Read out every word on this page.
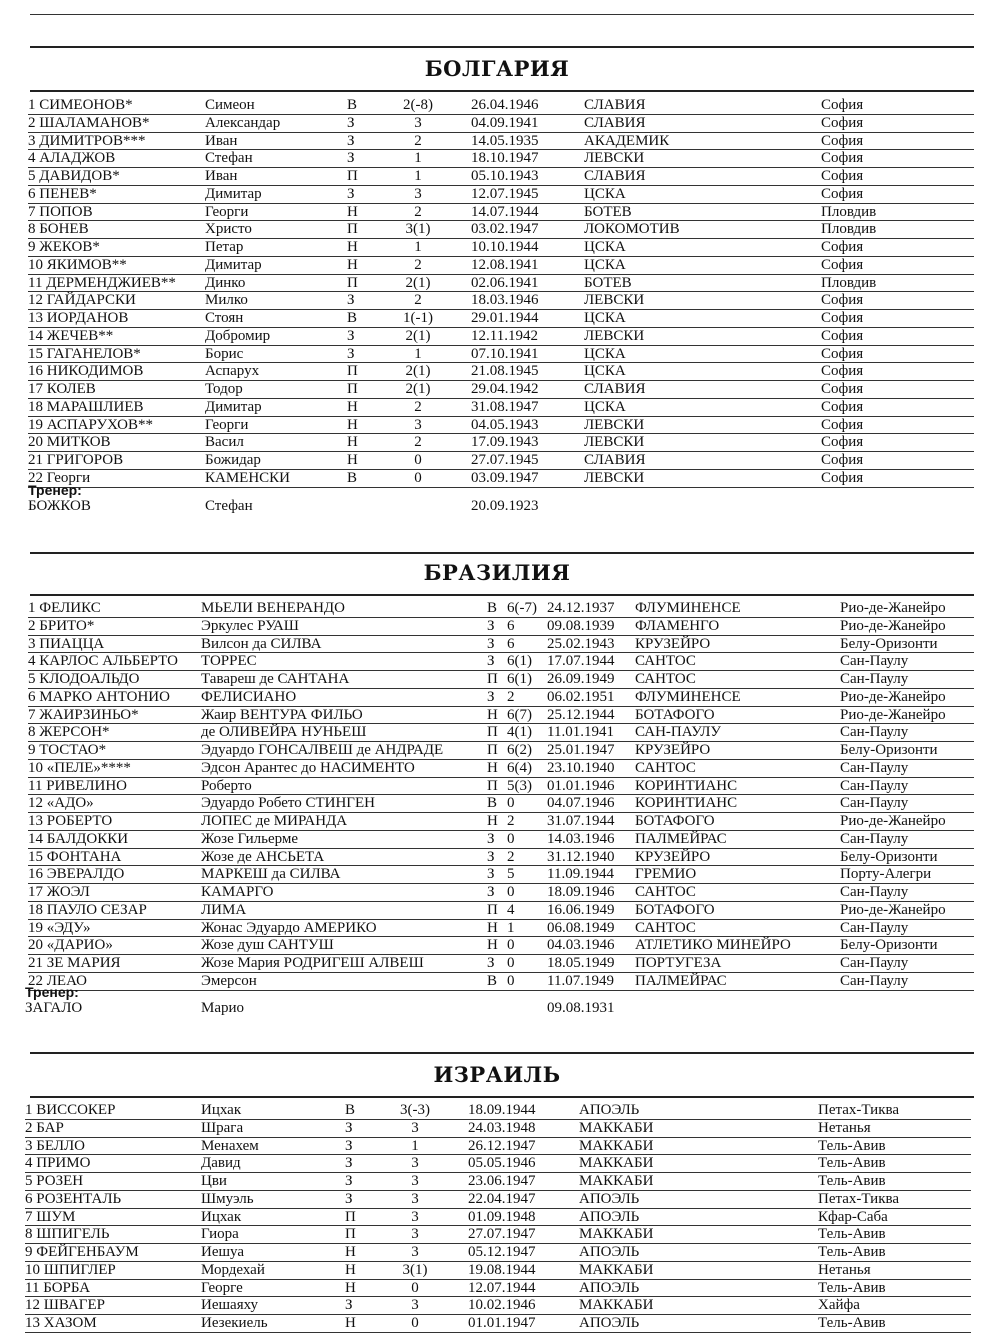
БОЛГАРИЯ
1 СИМЕОНОВ*	Симеон	В	2(-8)	26.04.1946	СЛАВИЯ	София
2 ШАЛАМАНОВ*	Александар	З	3	04.09.1941	СЛАВИЯ	София
3 ДИМИТРОВ***	Иван	З	2	14.05.1935	АКАДЕМИК	София
4 АЛАДЖОВ	Стефан	З	1	18.10.1947	ЛЕВСКИ	София
5 ДАВИДОВ*	Иван	П	1	05.10.1943	СЛАВИЯ	София
6 ПЕНЕВ*	Димитар	З	3	12.07.1945	ЦСКА	София
7 ПОПОВ	Георги	Н	2	14.07.1944	БОТЕВ	Пловдив
8 БОНЕВ	Христо	П	3(1)	03.02.1947	ЛОКОМОТИВ	Пловдив
9 ЖЕКОВ*	Петар	Н	1	10.10.1944	ЦСКА	София
10 ЯКИМОВ**	Димитар	Н	2	12.08.1941	ЦСКА	София
11 ДЕРМЕНДЖИЕВ** Динко	П	2(1)	02.06.1941	БОТЕВ	Пловдив
12 ГАЙДАРСКИ	Милко	З	2	18.03.1946	ЛЕВСКИ	София
13 ИОРДАНОВ	Стоян	В	1(-1)	29.01.1944	ЦСКА	София
14 ЖЕЧЕВ**	Добромир	З	2(1)	12.11.1942	ЛЕВСКИ	София
15 ГАГАНЕЛОВ*	Борис	З	1	07.10.1941	ЦСКА	София
16 НИКОДИМОВ	Аспарух	П	2(1)	21.08.1945	ЦСКА	София
17 КОЛЕВ	Тодор	П	2(1)	29.04.1942	СЛАВИЯ	София
18 МАРАШЛИЕВ	Димитар	Н	2	31.08.1947	ЦСКА	София
19 АСПАРУХОВ**	Георги	Н	3	04.05.1943	ЛЕВСКИ	София
20 МИТКОВ	Васил	Н	2	17.09.1943	ЛЕВСКИ	София
21 ГРИГОРОВ	Божидар	Н	0	27.07.1945	СЛАВИЯ	София
22 Георги	КАМЕНСКИ	В	0	03.09.1947	ЛЕВСКИ	София
Тренер:
БОЖКОВ	Стефан	20.09.1923
БРАЗИЛИЯ
1 ФЕЛИКС	МЬЕЛИ ВЕНЕРАНДО	В 6(-7) 24.12.1937 ФЛУМИНЕНСЕ	Рио-де-Жанейро
2 БРИТО*	Эркулес РУАШ	З 6 09.08.1939 ФЛАМЕНГО	Рио-де-Жанейро
3 ПИАЦЦА	Вилсон да СИЛВА	З 6 25.02.1943 КРУЗЕЙРО	Белу-Оризонти
4 КАРЛОС АЛЬБЕРТО ТОРРЕС	З 6(1) 17.07.1944 САНТОС	Сан-Паулу
5 КЛОДОАЛЬДО	Тавареш де САНТАНА	П 6(1) 26.09.1949 САНТОС	Сан-Паулу
6 МАРКО АНТОНИО ФЕЛИСИАНО	З 2 06.02.1951 ФЛУМИНЕНСЕ	Рио-де-Жанейро
7 ЖАИРЗИНЬО*	Жаир ВЕНТУРА ФИЛЬО	Н 6(7) 25.12.1944 БОТАФОГО	Рио-де-Жанейро
8 ЖЕРСОН*	де ОЛИВЕЙРА НУНЬЕШ	П 4(1) 11.01.1941 САН-ПАУЛУ	Сан-Паулу
9 ТОСТАО*	Эдуардо ГОНСАЛВЕШ де АНДРАДЕ	П 6(2) 25.01.1947 КРУЗЕЙРО	Белу-Оризонти
10 «ПЕЛЕ»****	Эдсон Арантес до НАСИМЕНТО	Н 6(4) 23.10.1940 САНТОС	Сан-Паулу
11 РИВЕЛИНО	Роберто	П 5(3) 01.01.1946 КОРИНТИАНС	Сан-Паулу
12 «АДО»	Эдуардо Робето СТИНГЕН	В 0 04.07.1946 КОРИНТИАНС	Сан-Паулу
13 РОБЕРТО	ЛОПЕС де МИРАНДА	Н 2 31.07.1944 БОТАФОГО	Рио-де-Жанейро
14 БАЛДОККИ	Жозе Гильерме	З 0 14.03.1946 ПАЛМЕЙРАС	Сан-Паулу
15 ФОНТАНА	Жозе де АНСЬЕТА	З 2 31.12.1940 КРУЗЕЙРО	Белу-Оризонти
16 ЭВЕРАЛДО	МАРКЕШ да СИЛВА	З 5 11.09.1944 ГРЕМИО	Порту-Алегри
17 ЖОЭЛ	КАМАРГО	З 0 18.09.1946 САНТОС	Сан-Паулу
18 ПАУЛО СЕЗАР	ЛИМА	П 4 16.06.1949 БОТАФОГО	Рио-де-Жанейро
19 «ЭДУ»	Жонас Эдуардо АМЕРИКО	Н 1 06.08.1949 САНТОС	Сан-Паулу
20 «ДАРИО»	Жозе душ САНТУШ	Н 0 04.03.1946 АТЛЕТИКО МИНЕЙРО	Белу-Оризонти
21 ЗЕ МАРИЯ	Жозе Мария РОДРИГЕШ АЛВЕШ	З 0 18.05.1949 ПОРТУГЕЗА	Сан-Паулу
22 ЛЕАО	Эмерсон	В 0 11.07.1949 ПАЛМЕЙРАС	Сан-Паулу
Тренер:
ЗАГАЛО	Марио	09.08.1931
ИЗРАИЛЬ
1 ВИССОКЕР	Ицхак	В	3(-3)	18.09.1944	АПОЭЛЬ	Петах-Тиква
2 БАР	Шрага	З	3	24.03.1948	МАККАБИ	Нетанья
3 БЕЛЛО	Менахем	З	1	26.12.1947	МАККАБИ	Тель-Авив
4 ПРИМО	Давид	З	3	05.05.1946	МАККАБИ	Тель-Авив
5 РОЗЕН	Цви	З	3	23.06.1947	МАККАБИ	Тель-Авив
6 РОЗЕНТАЛЬ	Шмуэль	З	3	22.04.1947	АПОЭЛЬ	Петах-Тиква
7 ШУМ	Ицхак	П	3	01.09.1948	АПОЭЛЬ	Кфар-Саба
8 ШПИГЕЛЬ	Гиора	П	3	27.07.1947	МАККАБИ	Тель-Авив
9 ФЕЙГЕНБАУМ	Иешуа	Н	3	05.12.1947	АПОЭЛЬ	Тель-Авив
10 ШПИГЛЕР	Мордехай	Н	3(1)	19.08.1944	МАККАБИ	Нетанья
11 БОРБА	Георге	Н	0	12.07.1944	АПОЭЛЬ	Тель-Авив
12 ШВАГЕР	Иешаяху	З	3	10.02.1946	МАККАБИ	Хайфа
13 ХАЗОМ	Иезекиель	Н	0	01.01.1947	АПОЭЛЬ	Тель-Авив
